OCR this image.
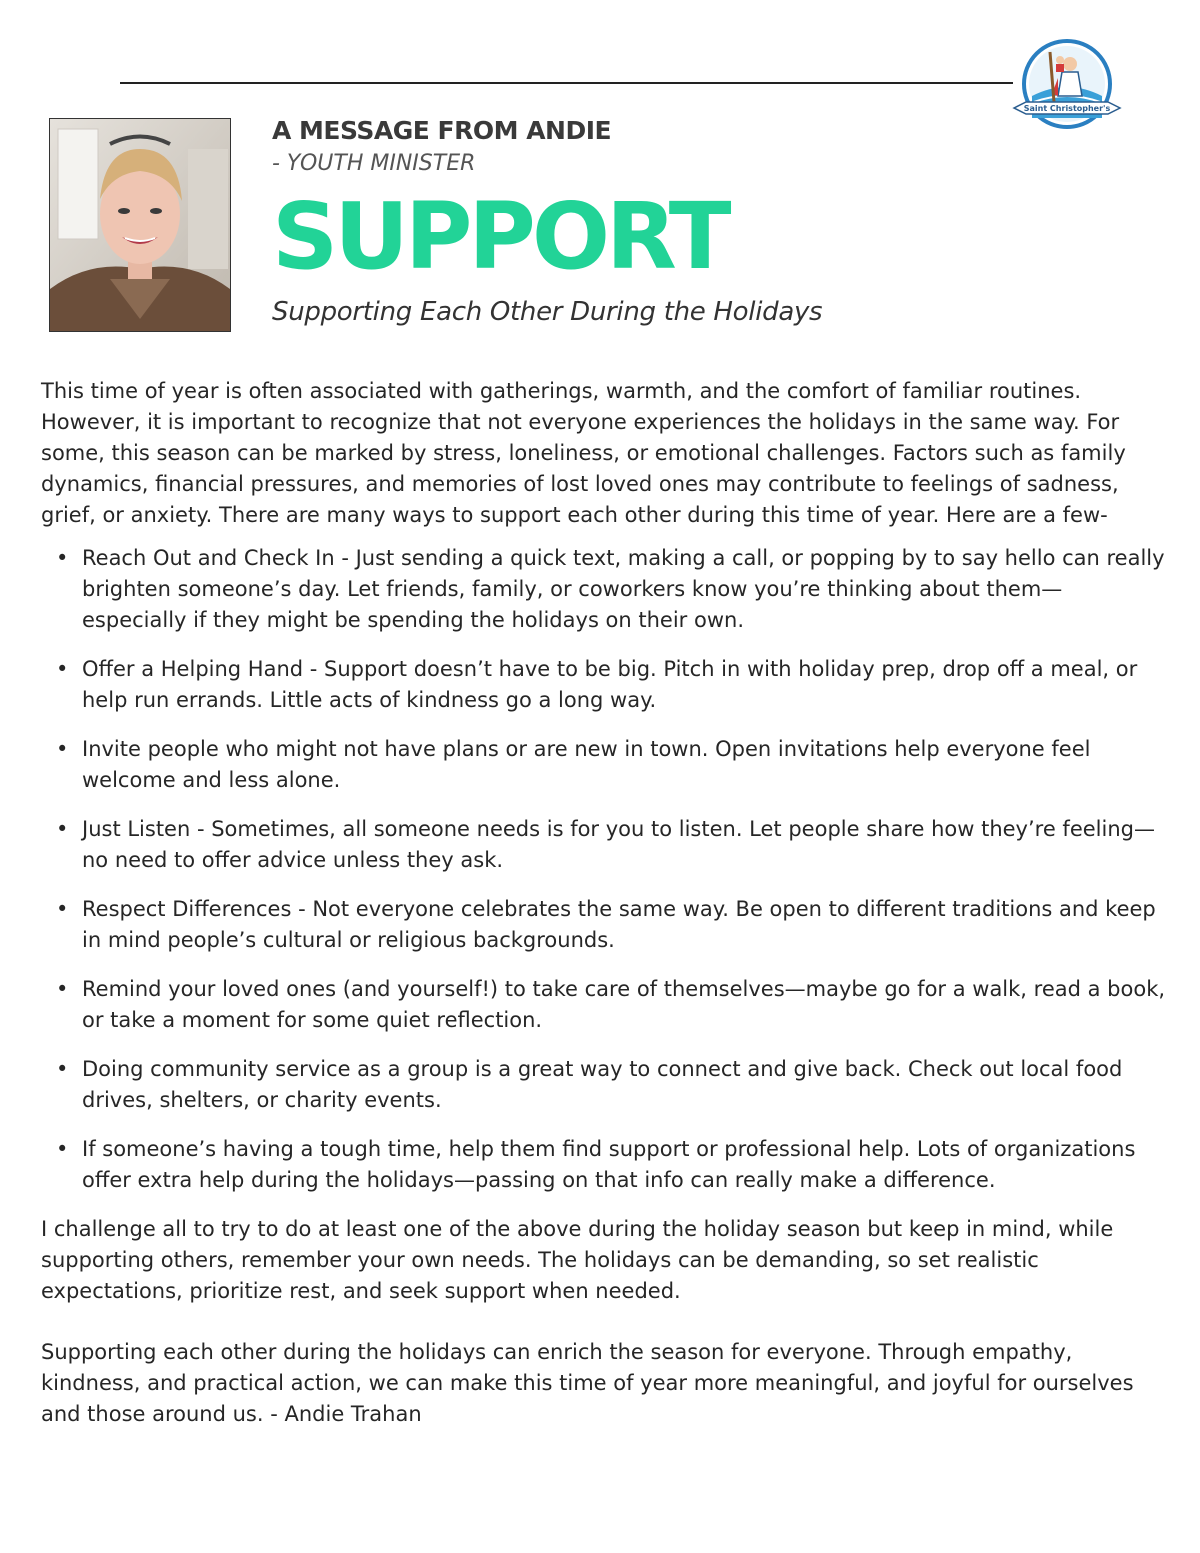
Saint Christopher's
A MESSAGE FROM ANDIE
- YOUTH MINISTER
SUPPORT
Supporting Each Other During the Holidays

This time of year is often associated with gatherings, warmth, and the comfort of familiar routines. However, it is important to recognize that not everyone experiences the holidays in the same way. For some, this season can be marked by stress, loneliness, or emotional challenges. Factors such as family dynamics, financial pressures, and memories of lost loved ones may contribute to feelings of sadness, grief, or anxiety. There are many ways to support each other during this time of year. Here are a few-

• Reach Out and Check In - Just sending a quick text, making a call, or popping by to say hello can really brighten someone’s day. Let friends, family, or coworkers know you’re thinking about them—especially if they might be spending the holidays on their own.
• Offer a Helping Hand - Support doesn’t have to be big. Pitch in with holiday prep, drop off a meal, or help run errands. Little acts of kindness go a long way.
• Invite people who might not have plans or are new in town. Open invitations help everyone feel welcome and less alone.
• Just Listen - Sometimes, all someone needs is for you to listen. Let people share how they’re feeling—no need to offer advice unless they ask.
• Respect Differences - Not everyone celebrates the same way. Be open to different traditions and keep in mind people’s cultural or religious backgrounds.
• Remind your loved ones (and yourself!) to take care of themselves—maybe go for a walk, read a book, or take a moment for some quiet reflection.
• Doing community service as a group is a great way to connect and give back. Check out local food drives, shelters, or charity events.
• If someone’s having a tough time, help them find support or professional help. Lots of organizations offer extra help during the holidays—passing on that info can really make a difference.

I challenge all to try to do at least one of the above during the holiday season but keep in mind, while supporting others, remember your own needs. The holidays can be demanding, so set realistic expectations, prioritize rest, and seek support when needed.

Supporting each other during the holidays can enrich the season for everyone. Through empathy, kindness, and practical action, we can make this time of year more meaningful, and joyful for ourselves and those around us. - Andie Trahan
